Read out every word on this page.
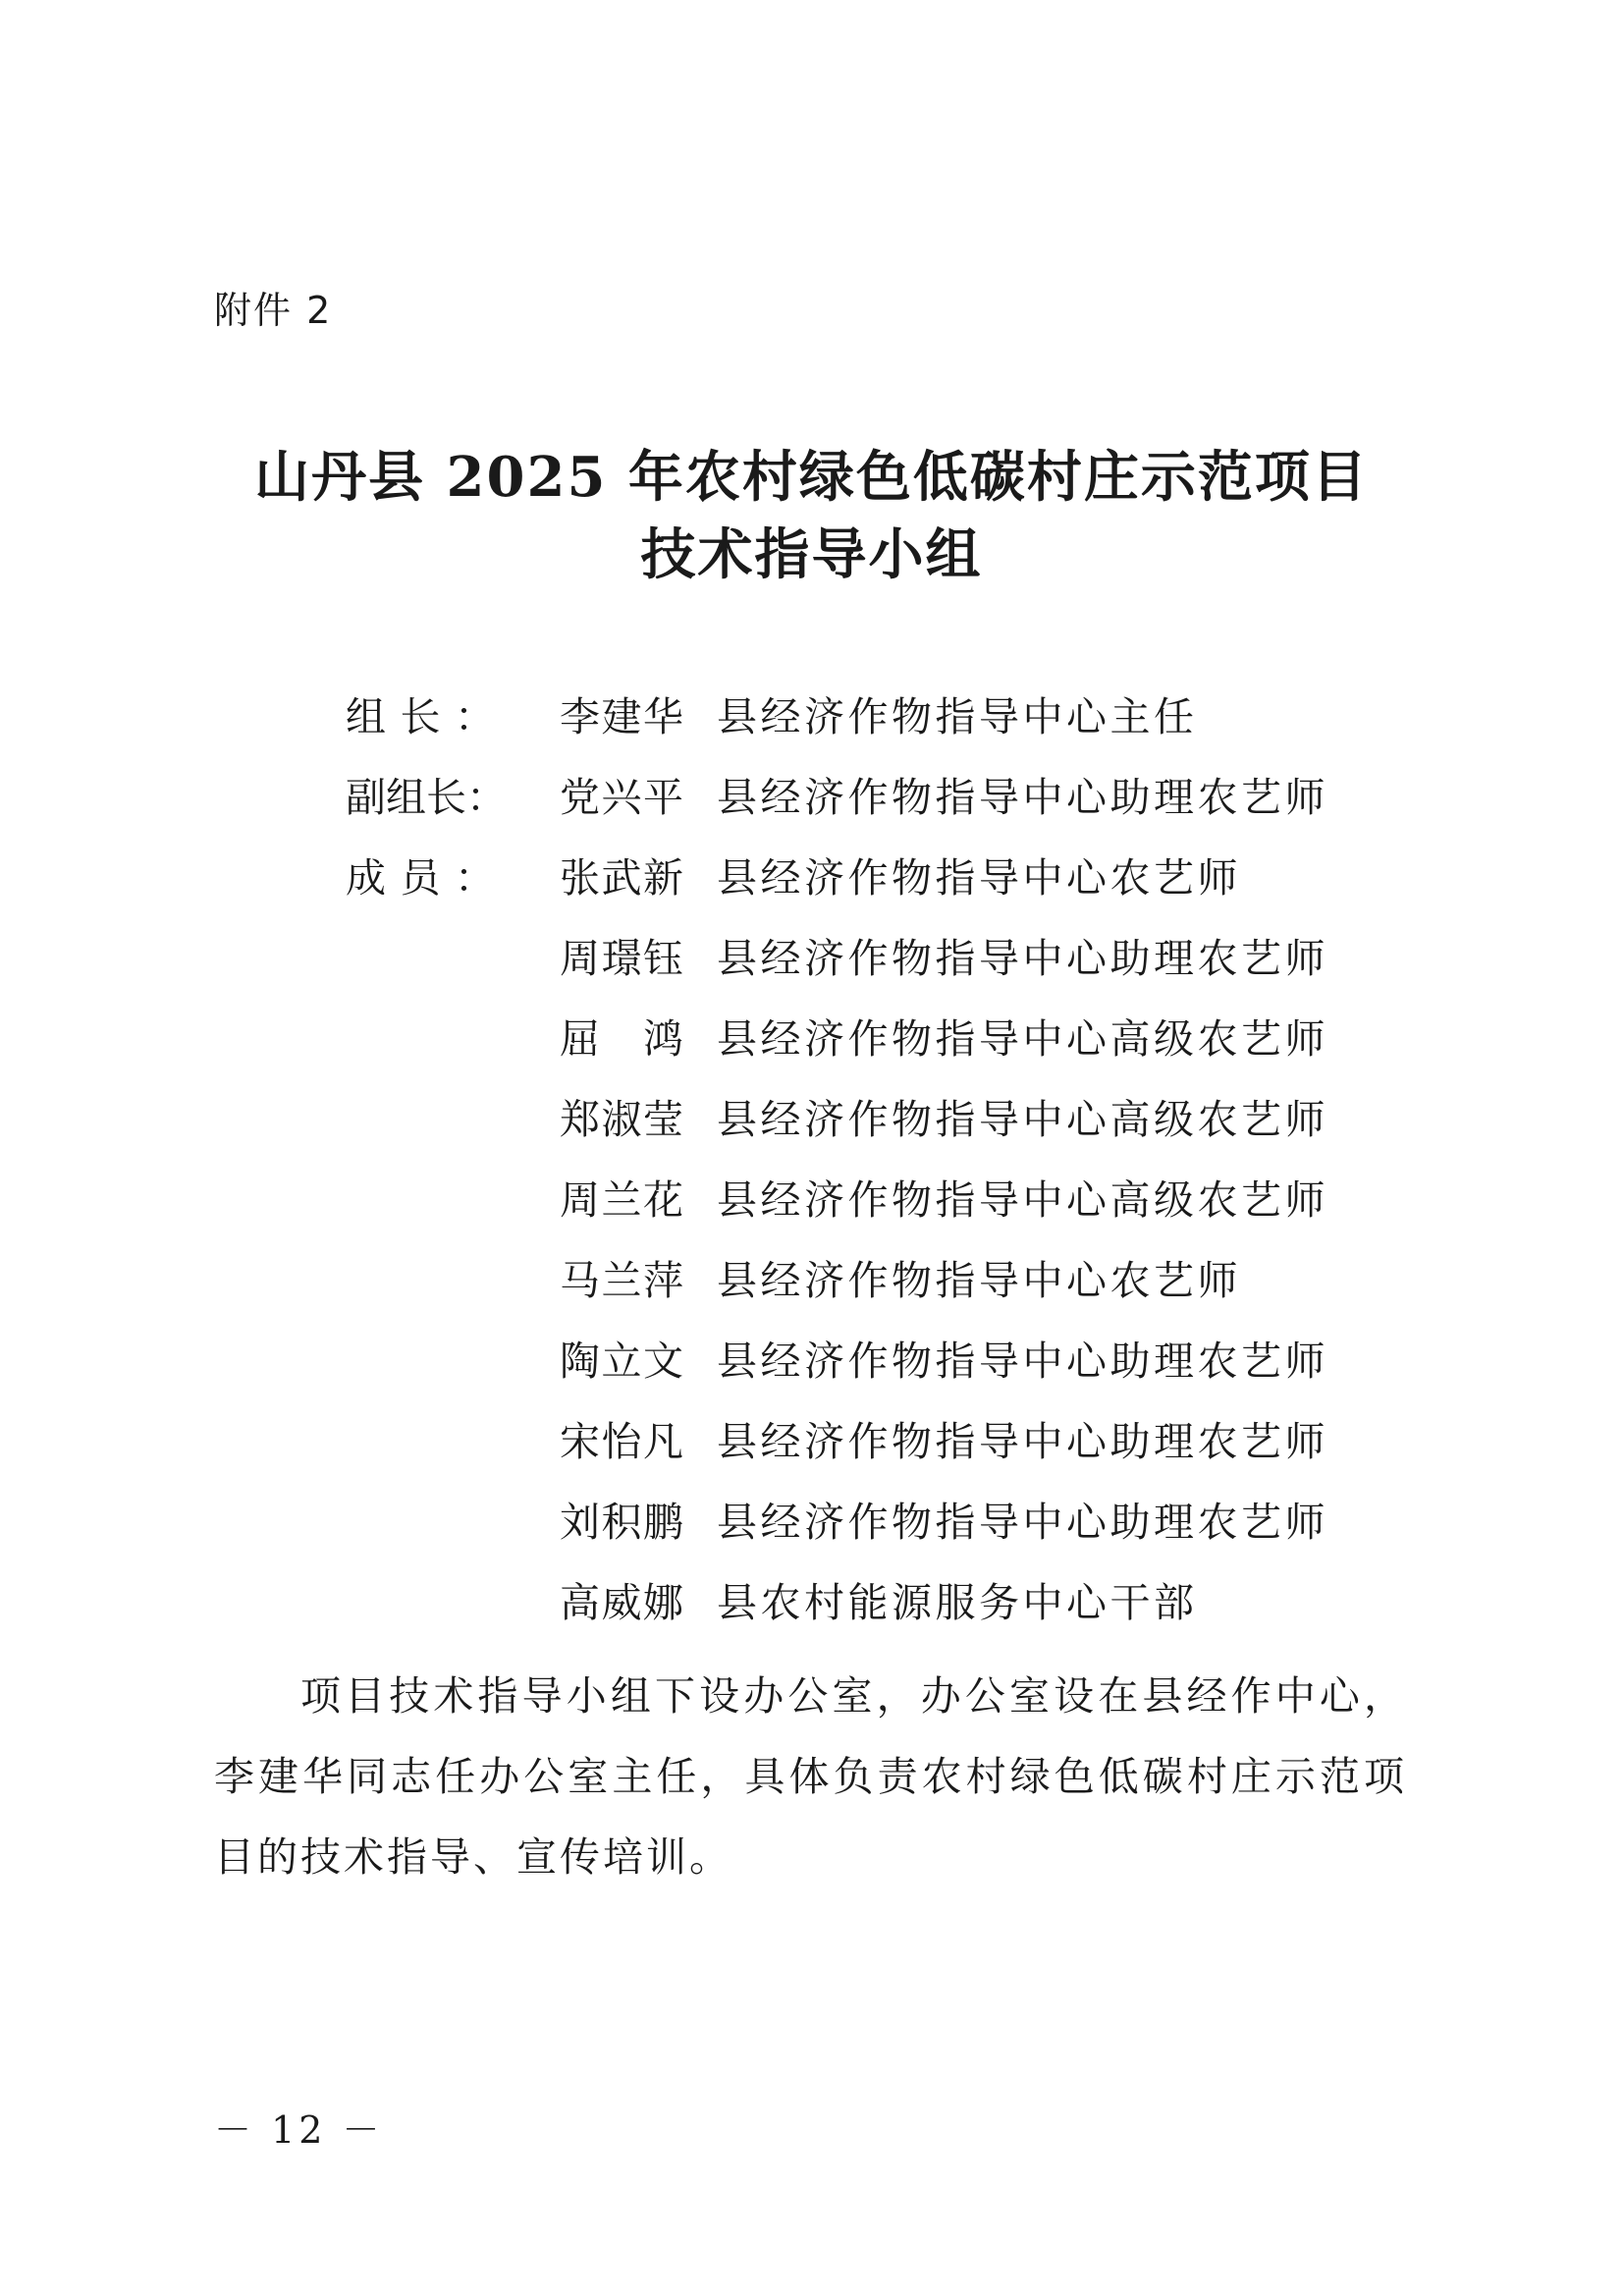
附件 2
山丹县 2025 年农村绿色低碳村庄示范项目
技术指导小组
组 长 ： 李 建 华 县经济作物指导中心主任
副 组 长 ： 党 兴 平 县经济作物指导中心助理农艺师
成 员 ： 张 武 新 县经济作物指导中心农艺师
周 璟 钰 县经济作物指导中心助理农艺师
屈 鸿 县经济作物指导中心高级农艺师
郑 淑 莹 县经济作物指导中心高级农艺师
周 兰 花 县经济作物指导中心高级农艺师
马 兰 萍 县经济作物指导中心农艺师
陶 立 文 县经济作物指导中心助理农艺师
宋 怡 凡 县经济作物指导中心助理农艺师
刘 积 鹏 县经济作物指导中心助理农艺师
高 威 娜 县农村能源服务中心干部
项目技术指导小组下设办公室，办公室设在县经作中心，李建华同志任办公室主任，具体负责农村绿色低碳村庄示范项目的技术指导、宣传培训。
－ 12 －
